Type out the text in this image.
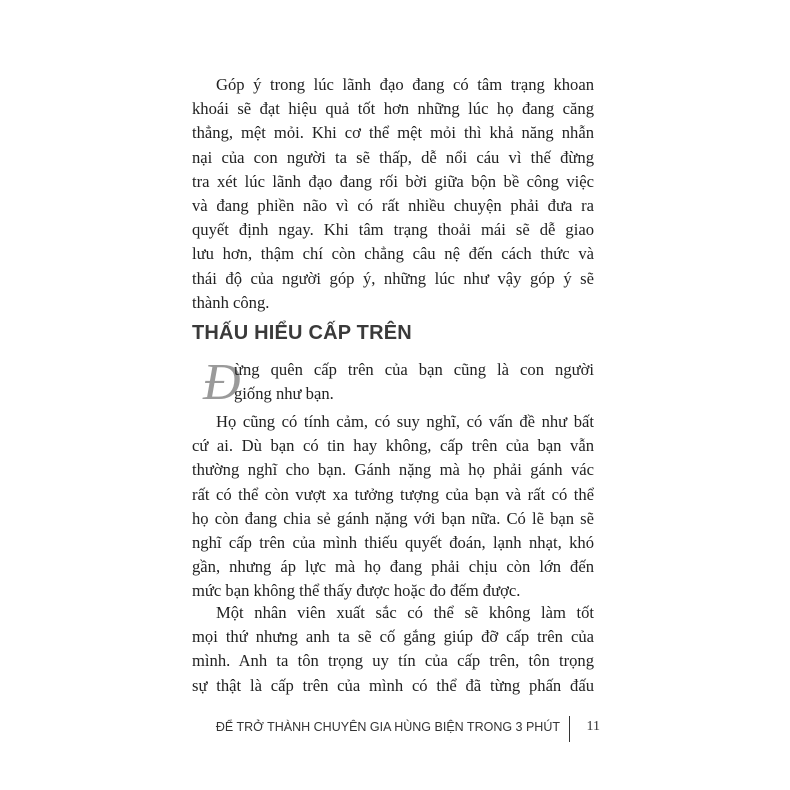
Góp ý trong lúc lãnh đạo đang có tâm trạng khoan
khoái sẽ đạt hiệu quả tốt hơn những lúc họ đang căng
thẳng, mệt mỏi. Khi cơ thể mệt mỏi thì khả năng nhẫn
nại của con người ta sẽ thấp, dễ nổi cáu vì thế đừng
tra xét lúc lãnh đạo đang rối bời giữa bộn bề công việc
và đang phiền não vì có rất nhiều chuyện phải đưa ra
quyết định ngay. Khi tâm trạng thoải mái sẽ dễ giao
lưu hơn, thậm chí còn chẳng câu nệ đến cách thức và
thái độ của người góp ý, những lúc như vậy góp ý sẽ
thành công.
THẤU HIỂU CẤP TRÊN
Đ
ừng quên cấp trên của bạn cũng là con người
giống như bạn.
Họ cũng có tính cảm, có suy nghĩ, có vấn đề như bất
cứ ai. Dù bạn có tin hay không, cấp trên của bạn vẫn
thường nghĩ cho bạn. Gánh nặng mà họ phải gánh vác
rất có thể còn vượt xa tưởng tượng của bạn và rất có thể
họ còn đang chia sẻ gánh nặng với bạn nữa. Có lẽ bạn sẽ
nghĩ cấp trên của mình thiếu quyết đoán, lạnh nhạt, khó
gần, nhưng áp lực mà họ đang phải chịu còn lớn đến
mức bạn không thể thấy được hoặc đo đếm được.
Một nhân viên xuất sắc có thể sẽ không làm tốt
mọi thứ nhưng anh ta sẽ cố gắng giúp đỡ cấp trên của
mình. Anh ta tôn trọng uy tín của cấp trên, tôn trọng
sự thật là cấp trên của mình có thể đã từng phấn đấu
ĐỂ TRỞ THÀNH CHUYÊN GIA HÙNG BIỆN TRONG 3 PHÚT 11
